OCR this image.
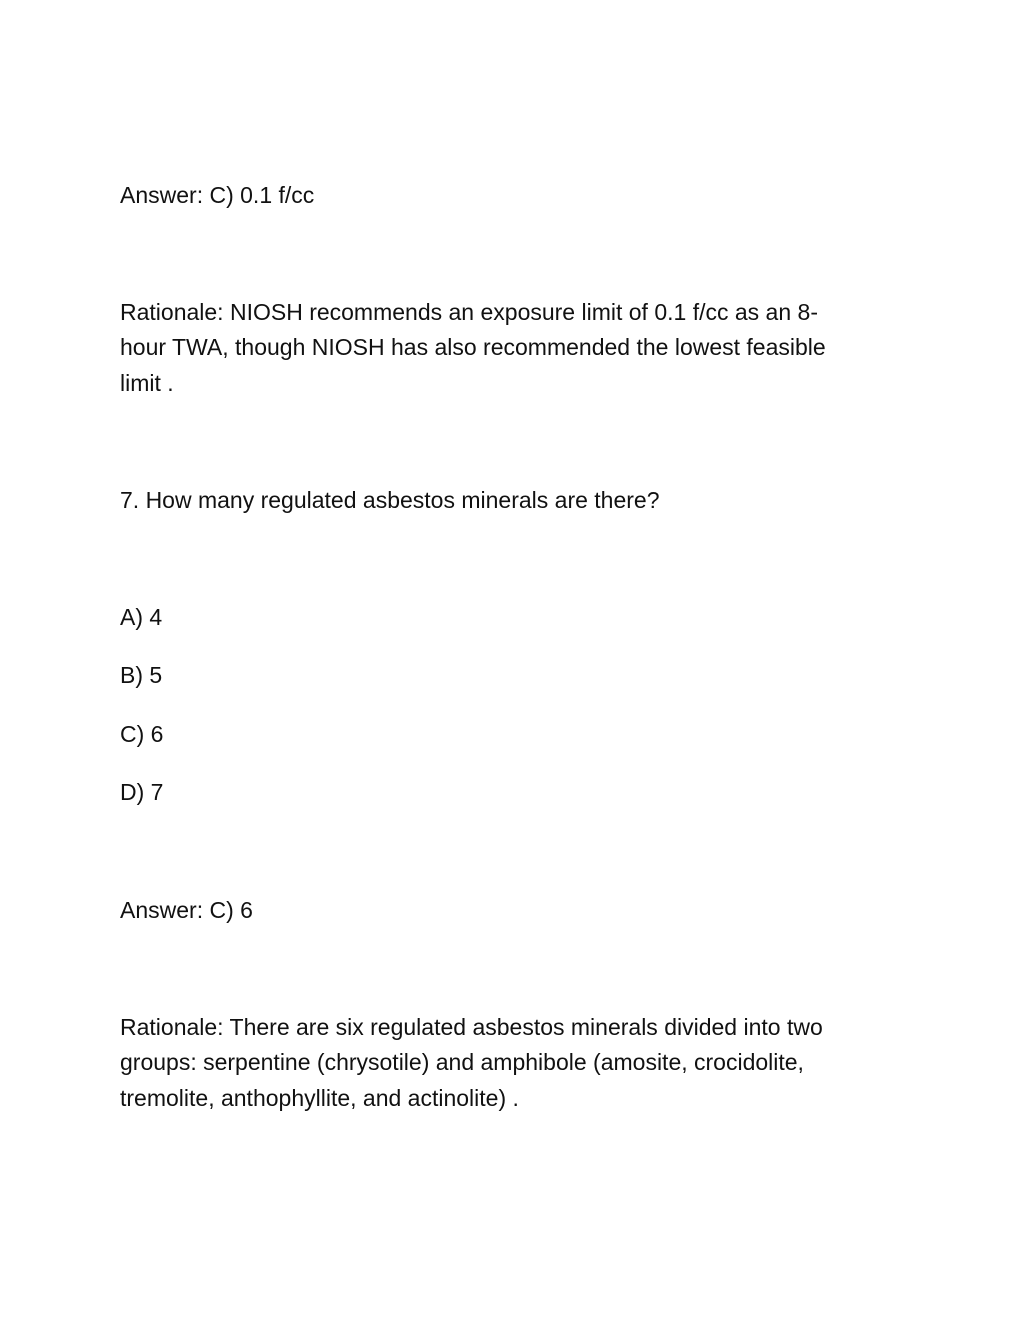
Answer: C) 0.1 f/cc

Rationale: NIOSH recommends an exposure limit of 0.1 f/cc as an 8-

hour TWA, though NIOSH has also recommended the lowest feasible

limit .

7. How many regulated asbestos minerals are there?

A) 4

B) 5

C) 6

D) 7

Answer: C) 6

Rationale: There are six regulated asbestos minerals divided into two

groups: serpentine (chrysotile) and amphibole (amosite, crocidolite,

tremolite, anthophyllite, and actinolite) .
